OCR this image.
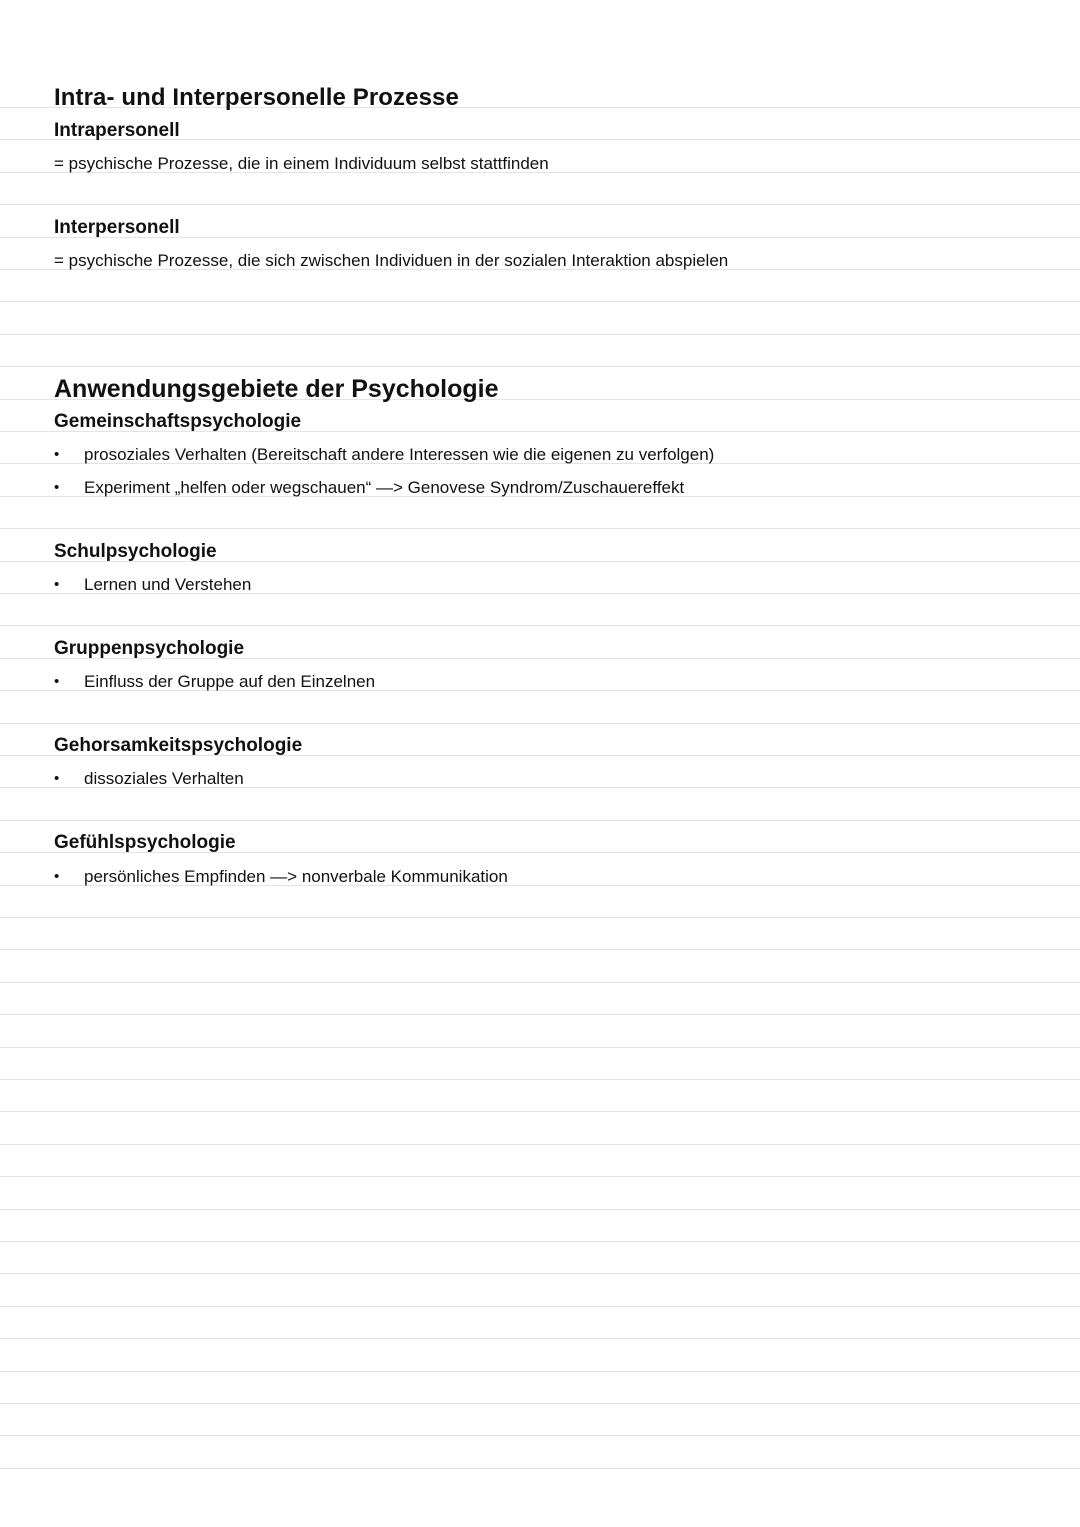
Intra- und Interpersonelle Prozesse
Intrapersonell
= psychische Prozesse, die in einem Individuum selbst stattfinden
Interpersonell
= psychische Prozesse, die sich zwischen Individuen in der sozialen Interaktion abspielen
Anwendungsgebiete der Psychologie
Gemeinschaftspsychologie
• prosoziales Verhalten (Bereitschaft andere Interessen wie die eigenen zu verfolgen)
• Experiment „helfen oder wegschauen“ —> Genovese Syndrom/Zuschauereffekt
Schulpsychologie
• Lernen und Verstehen
Gruppenpsychologie
• Einfluss der Gruppe auf den Einzelnen
Gehorsamkeitspsychologie
• dissoziales Verhalten
Gefühlspsychologie
• persönliches Empfinden —> nonverbale Kommunikation
